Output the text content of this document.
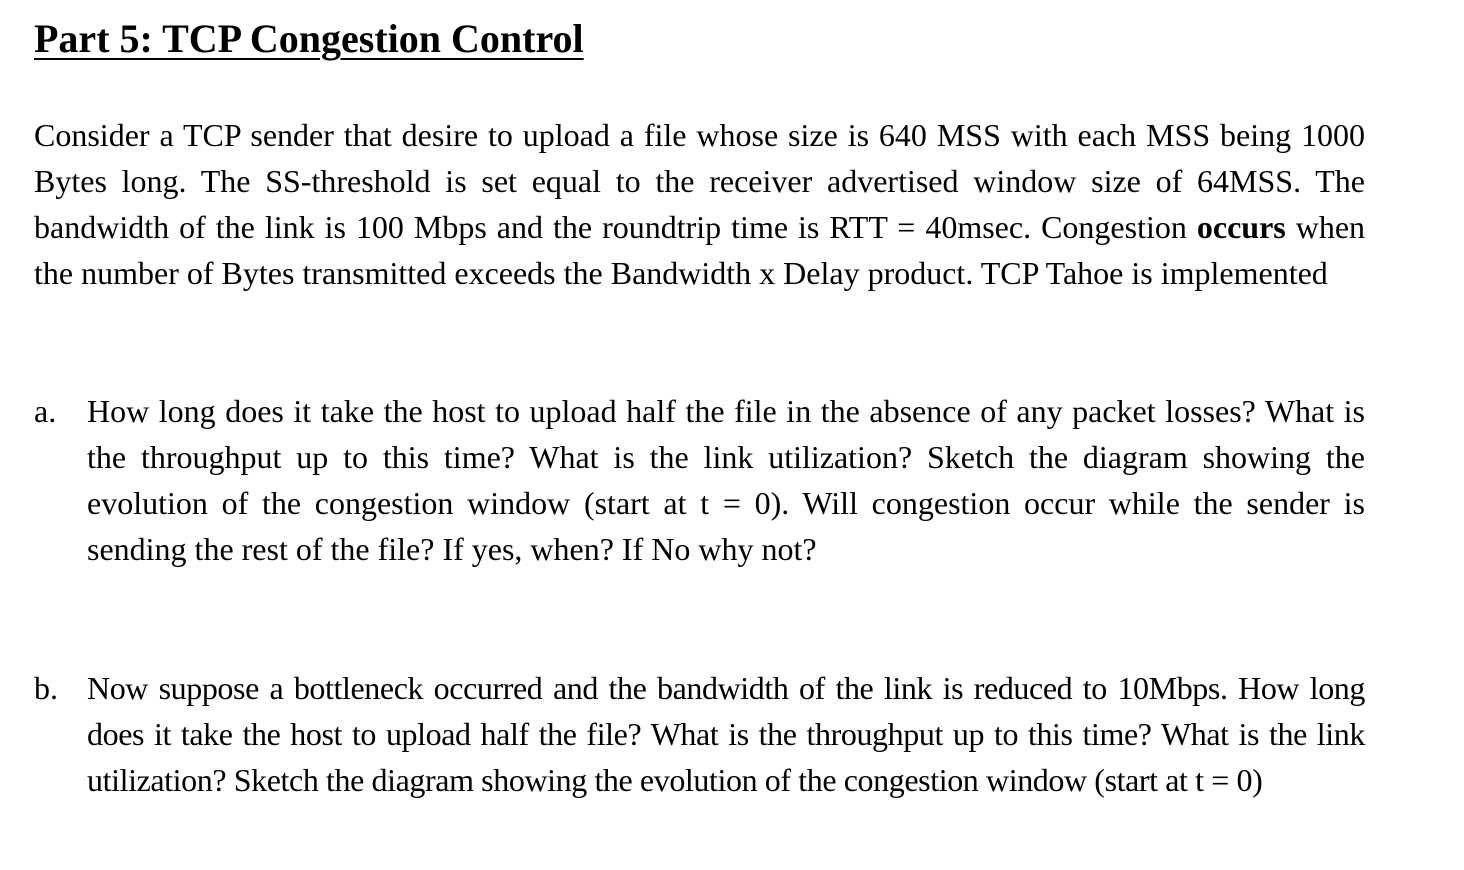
Part 5: TCP Congestion Control

Consider a TCP sender that desire to upload a file whose size is 640 MSS with each MSS being 1000 Bytes long. The SS-threshold is set equal to the receiver advertised window size of 64MSS. The bandwidth of the link is 100 Mbps and the roundtrip time is RTT = 40msec. Congestion occurs when the number of Bytes transmitted exceeds the Bandwidth x Delay product. TCP Tahoe is implemented

a. How long does it take the host to upload half the file in the absence of any packet losses? What is the throughput up to this time? What is the link utilization? Sketch the diagram showing the evolution of the congestion window (start at t = 0). Will congestion occur while the sender is sending the rest of the file? If yes, when? If No why not?

b. Now suppose a bottleneck occurred and the bandwidth of the link is reduced to 10Mbps. How long does it take the host to upload half the file? What is the throughput up to this time? What is the link utilization? Sketch the diagram showing the evolution of the congestion window (start at t = 0)
